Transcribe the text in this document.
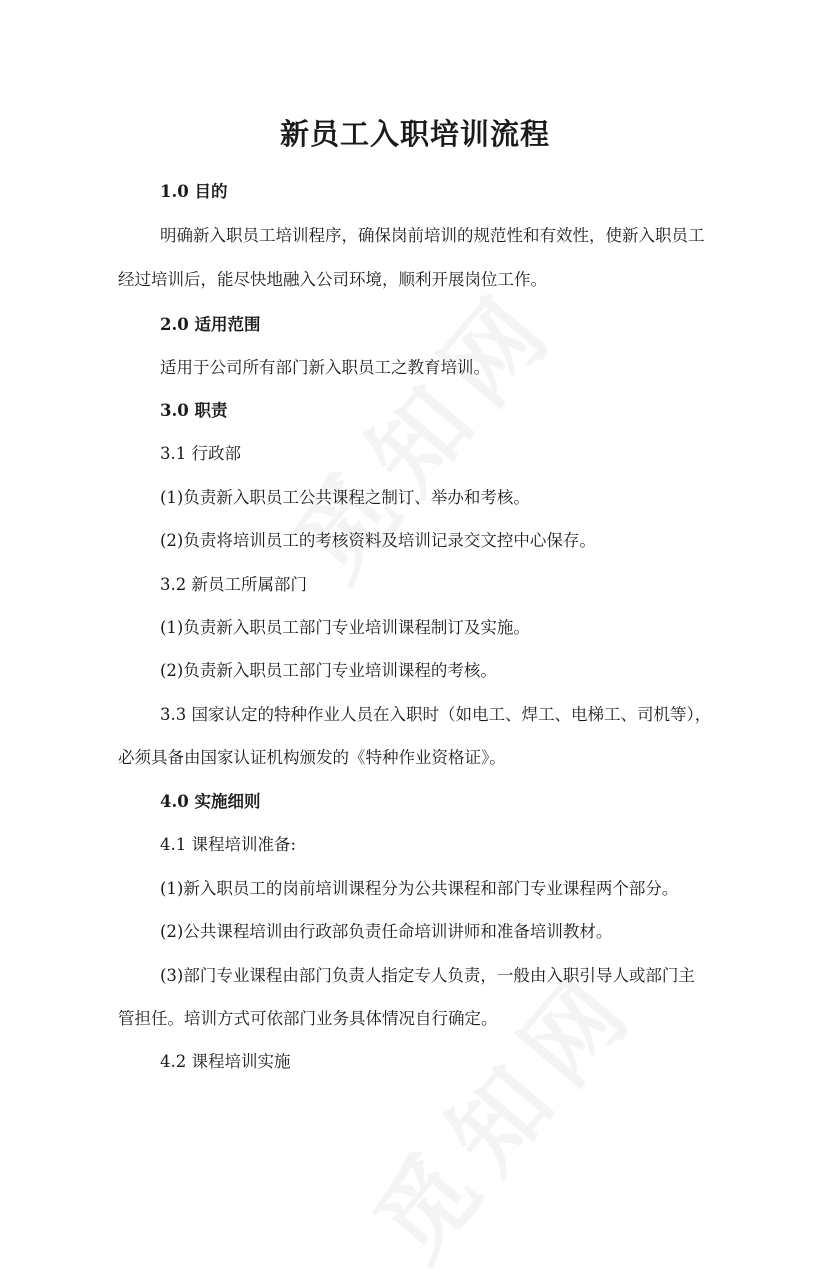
新员工入职培训流程

1.0 目的

明确新入职员工培训程序，确保岗前培训的规范性和有效性，使新入职员工

经过培训后，能尽快地融入公司环境，顺利开展岗位工作。

2.0 适用范围

适用于公司所有部门新入职员工之教育培训。

3.0 职责

3.1 行政部

(1)负责新入职员工公共课程之制订、举办和考核。

(2)负责将培训员工的考核资料及培训记录交文控中心保存。

3.2 新员工所属部门

(1)负责新入职员工部门专业培训课程制订及实施。

(2)负责新入职员工部门专业培训课程的考核。

3.3 国家认定的特种作业人员在入职时（如电工、焊工、电梯工、司机等），

必须具备由国家认证机构颁发的《特种作业资格证》。

4.0 实施细则

4.1 课程培训准备:

(1)新入职员工的岗前培训课程分为公共课程和部门专业课程两个部分。

(2)公共课程培训由行政部负责任命培训讲师和准备培训教材。

(3)部门专业课程由部门负责人指定专人负责，一般由入职引导人或部门主

管担任。培训方式可依部门业务具体情况自行确定。

4.2 课程培训实施
